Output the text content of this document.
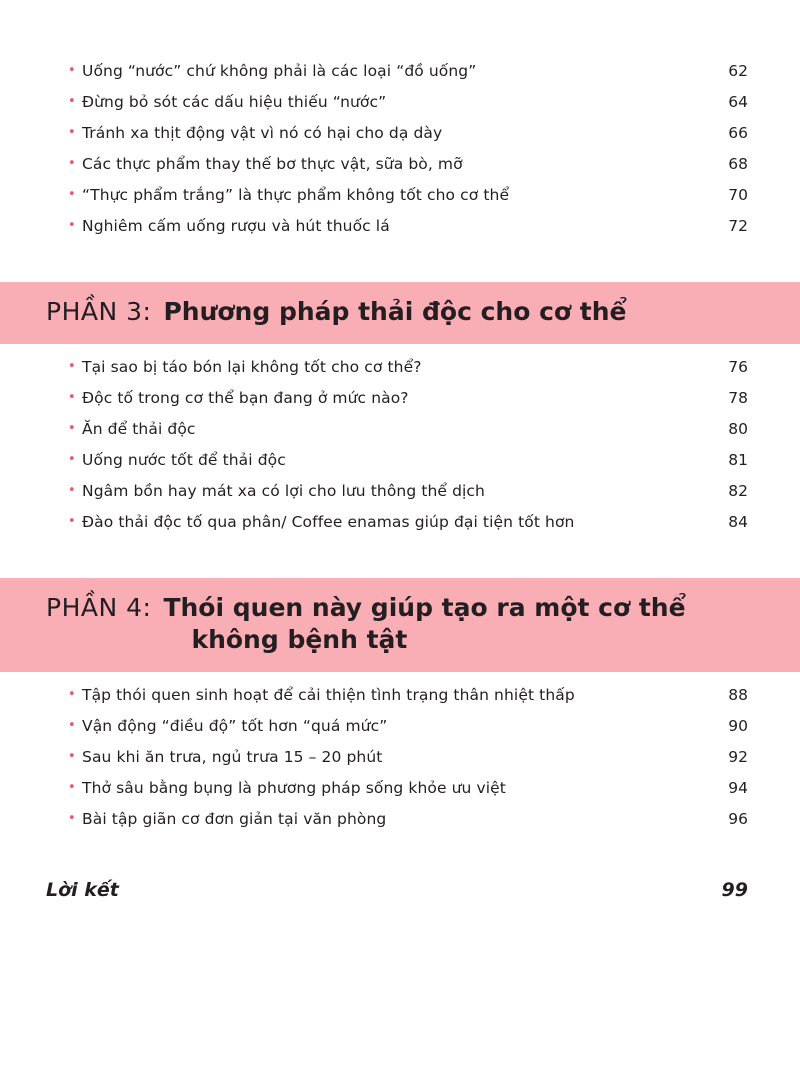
•
Uống “nước” chứ không phải là các loại “đồ uống”	62
•
Đừng bỏ sót các dấu hiệu thiếu “nước”	64
•
Tránh xa thịt động vật vì nó có hại cho dạ dày	66
•
Các thực phẩm thay thế bơ thực vật, sữa bò, mỡ	68
•
“Thực phẩm trắng” là thực phẩm không tốt cho cơ thể	70
•
Nghiêm cấm uống rượu và hút thuốc lá	72
PHẦN 3: Phương pháp thải độc cho cơ thể
•
Tại sao bị táo bón lại không tốt cho cơ thể?	76
•
Độc tố trong cơ thể bạn đang ở mức nào?	78
•
Ăn để thải độc	80
•
Uống nước tốt để thải độc	81
•
Ngâm bồn hay mát xa có lợi cho lưu thông thể dịch	82
•
Đào thải độc tố qua phân/ Coffee enamas giúp đại tiện tốt hơn	84
PHẦN 4: Thói quen này giúp tạo ra một cơ thể
không bệnh tật
•
Tập thói quen sinh hoạt để cải thiện tình trạng thân nhiệt thấp	88
•
Vận động “điều độ” tốt hơn “quá mức”	90
•
Sau khi ăn trưa, ngủ trưa 15 – 20 phút	92
•
Thở sâu bằng bụng là phương pháp sống khỏe ưu việt	94
•
Bài tập giãn cơ đơn giản tại văn phòng	96
Lời kết	99
